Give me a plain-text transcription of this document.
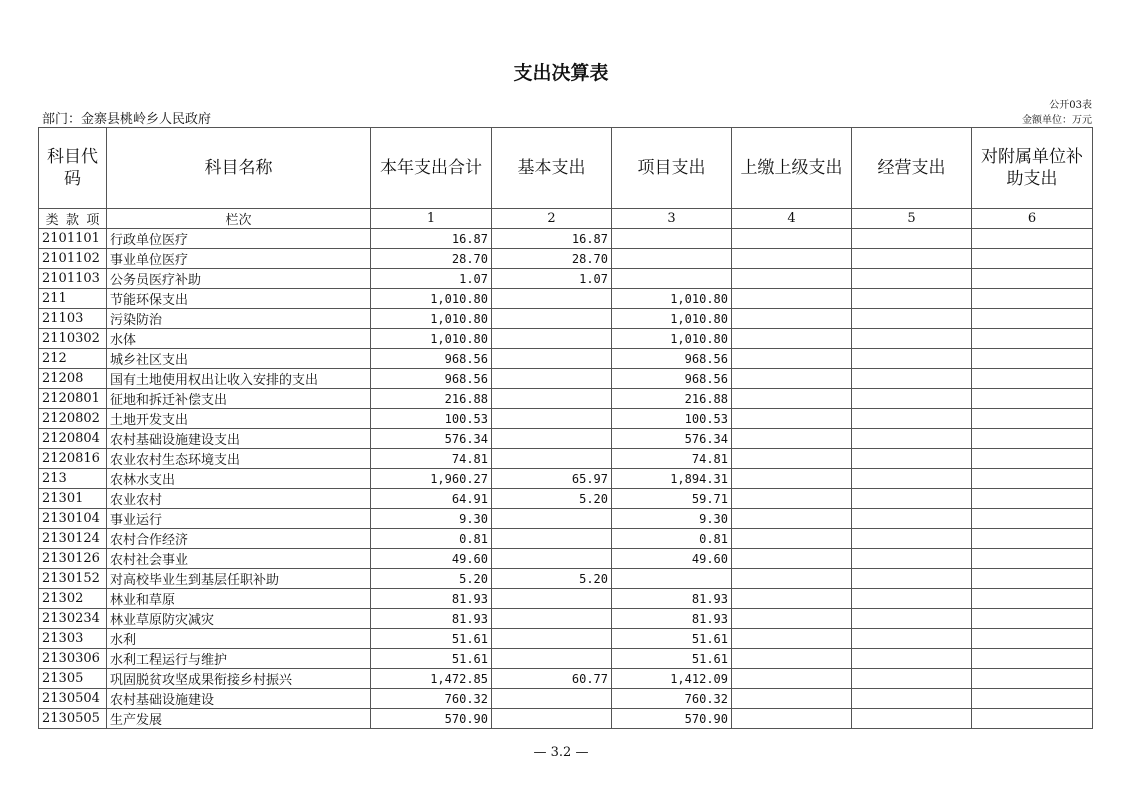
支出决算表
部门：金寨县桃岭乡人民政府
公开03表
金额单位：万元
科目代码	科目名称	本年支出合计	基本支出	项目支出	上缴上级支出	经营支出	对附属单位补助支出

类 款 项	栏次	1	2	3	4	5	6
2101101	行政单位医疗	16.87	16.87				
2101102	事业单位医疗	28.70	28.70				
2101103	公务员医疗补助	1.07	1.07				
211	节能环保支出	1,010.80		1,010.80			
21103	污染防治	1,010.80		1,010.80			
2110302	水体	1,010.80		1,010.80			
212	城乡社区支出	968.56		968.56			
21208	国有土地使用权出让收入安排的支出	968.56		968.56			
2120801	征地和拆迁补偿支出	216.88		216.88			
2120802	土地开发支出	100.53		100.53			
2120804	农村基础设施建设支出	576.34		576.34			
2120816	农业农村生态环境支出	74.81		74.81			
213	农林水支出	1,960.27	65.97	1,894.31			
21301	农业农村	64.91	5.20	59.71			
2130104	事业运行	9.30		9.30			
2130124	农村合作经济	0.81		0.81			
2130126	农村社会事业	49.60		49.60			
2130152	对高校毕业生到基层任职补助	5.20	5.20				
21302	林业和草原	81.93		81.93			
2130234	林业草原防灾减灾	81.93		81.93			
21303	水利	51.61		51.61			
2130306	水利工程运行与维护	51.61		51.61			
21305	巩固脱贫攻坚成果衔接乡村振兴	1,472.85	60.77	1,412.09			
2130504	农村基础设施建设	760.32		760.32			
2130505	生产发展	570.90		570.90			
— 3.2 —
